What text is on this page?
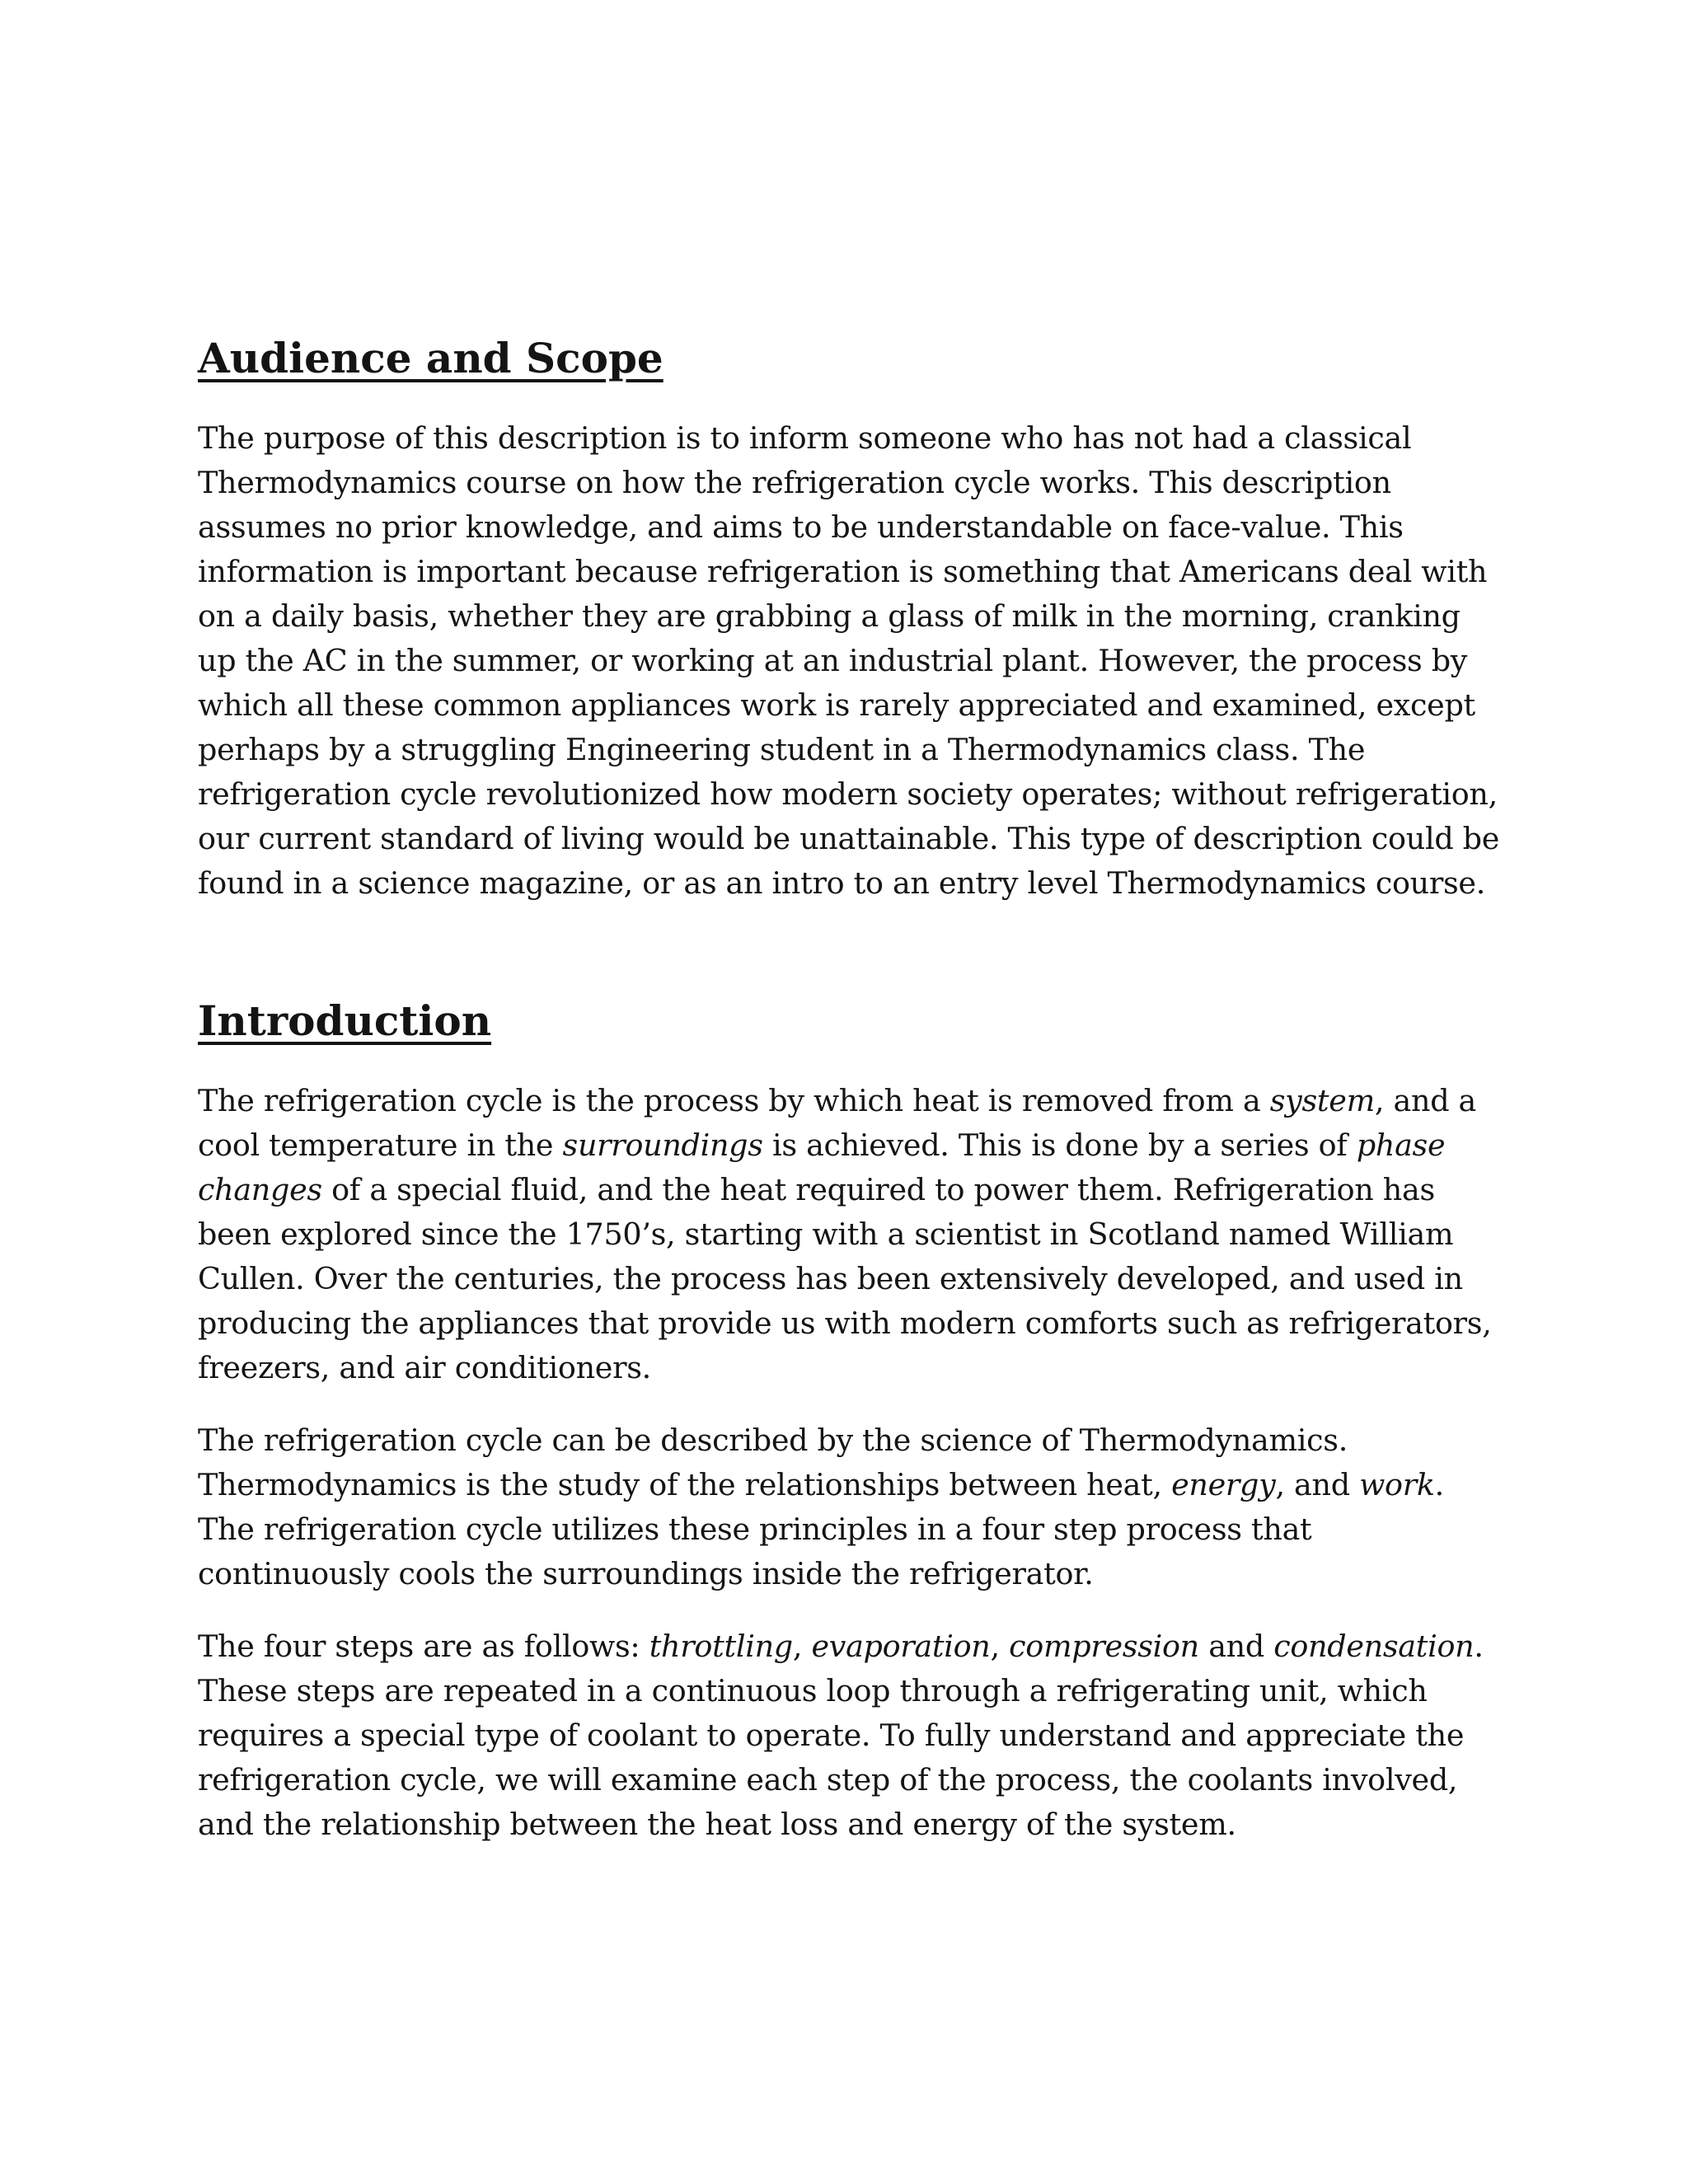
Audience and Scope

The purpose of this description is to inform someone who has not had a classical Thermodynamics course on how the refrigeration cycle works. This description assumes no prior knowledge, and aims to be understandable on face-value. This information is important because refrigeration is something that Americans deal with on a daily basis, whether they are grabbing a glass of milk in the morning, cranking up the AC in the summer, or working at an industrial plant. However, the process by which all these common appliances work is rarely appreciated and examined, except perhaps by a struggling Engineering student in a Thermodynamics class. The refrigeration cycle revolutionized how modern society operates; without refrigeration, our current standard of living would be unattainable. This type of description could be found in a science magazine, or as an intro to an entry level Thermodynamics course.

Introduction

The refrigeration cycle is the process by which heat is removed from a system, and a cool temperature in the surroundings is achieved. This is done by a series of phase changes of a special fluid, and the heat required to power them. Refrigeration has been explored since the 1750’s, starting with a scientist in Scotland named William Cullen. Over the centuries, the process has been extensively developed, and used in producing the appliances that provide us with modern comforts such as refrigerators, freezers, and air conditioners.

The refrigeration cycle can be described by the science of Thermodynamics. Thermodynamics is the study of the relationships between heat, energy, and work. The refrigeration cycle utilizes these principles in a four step process that continuously cools the surroundings inside the refrigerator.

The four steps are as follows: throttling, evaporation, compression and condensation. These steps are repeated in a continuous loop through a refrigerating unit, which requires a special type of coolant to operate. To fully understand and appreciate the refrigeration cycle, we will examine each step of the process, the coolants involved, and the relationship between the heat loss and energy of the system.
